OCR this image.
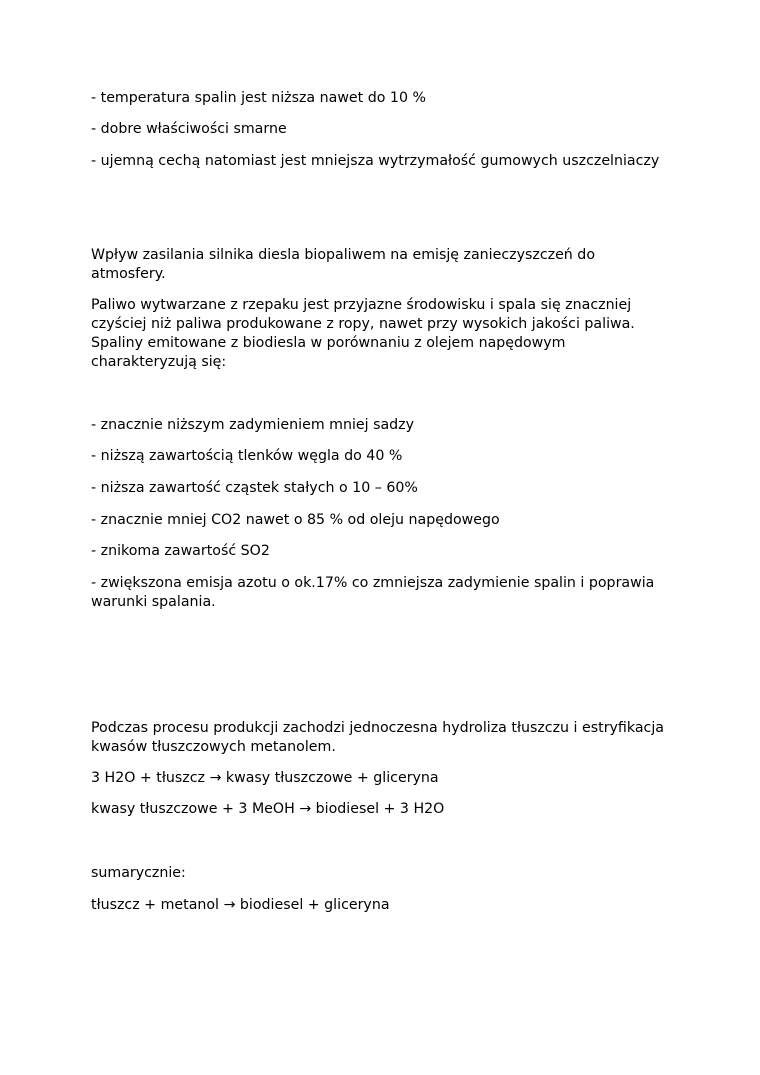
- temperatura spalin jest niższa nawet do 10 %

- dobre właściwości smarne

- ujemną cechą natomiast jest mniejsza wytrzymałość gumowych uszczelniaczy

Wpływ zasilania silnika diesla biopaliwem na emisję zanieczyszczeń do atmosfery.

Paliwo wytwarzane z rzepaku jest przyjazne środowisku i spala się znaczniej czyściej niż paliwa produkowane z ropy, nawet przy wysokich jakości paliwa. Spaliny emitowane z biodiesla w porównaniu z olejem napędowym charakteryzują się:

- znacznie niższym zadymieniem mniej sadzy

- niższą zawartością tlenków węgla do 40 %

- niższa zawartość cząstek stałych o 10 – 60%

- znacznie mniej CO2 nawet o 85 % od oleju napędowego

- znikoma zawartość SO2

- zwiększona emisja azotu o ok.17% co zmniejsza zadymienie spalin i poprawia warunki spalania.

Podczas procesu produkcji zachodzi jednoczesna hydroliza tłuszczu i estryfikacja kwasów tłuszczowych metanolem.

3 H2O + tłuszcz → kwasy tłuszczowe + gliceryna

kwasy tłuszczowe + 3 MeOH → biodiesel + 3 H2O

sumarycznie:

tłuszcz + metanol → biodiesel + gliceryna
